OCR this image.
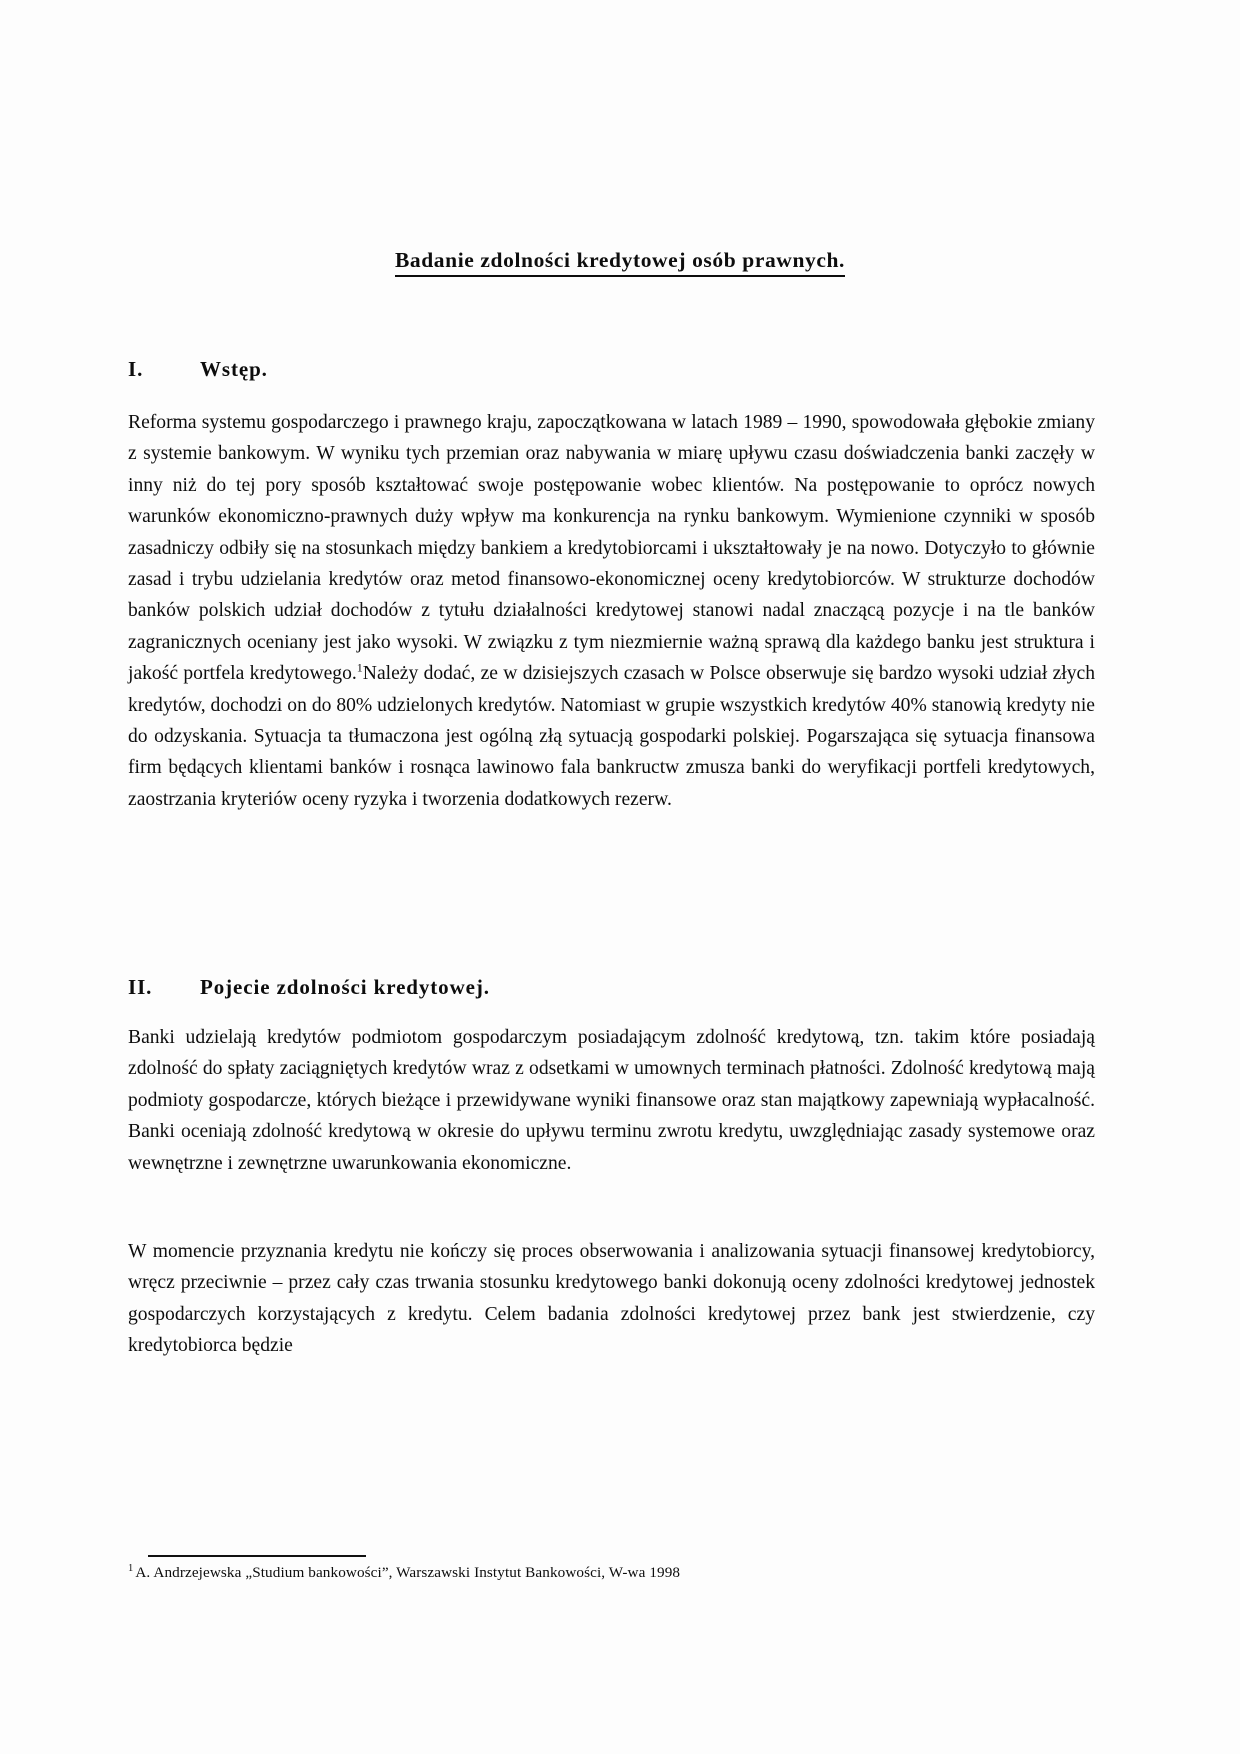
Badanie zdolności kredytowej osób prawnych.
I.	Wstęp.
Reforma systemu gospodarczego i prawnego kraju, zapoczątkowana w latach 1989 – 1990, spowodowała głębokie zmiany z systemie bankowym. W wyniku tych przemian oraz nabywania w miarę upływu czasu doświadczenia banki zaczęły w inny niż do tej pory sposób kształtować swoje postępowanie wobec klientów. Na postępowanie to oprócz nowych warunków ekonomiczno-prawnych duży wpływ ma konkurencja na rynku bankowym. Wymienione czynniki w sposób zasadniczy odbiły się na stosunkach między bankiem a kredytobiorcami i ukształtowały je na nowo. Dotyczyło to głównie zasad i trybu udzielania kredytów oraz metod finansowo-ekonomicznej oceny kredytobiorców. W strukturze dochodów banków polskich udział dochodów z tytułu działalności kredytowej stanowi nadal znaczącą pozycje i na tle banków zagranicznych oceniany jest jako wysoki. W związku z tym niezmiernie ważną sprawą dla każdego banku jest struktura i jakość portfela kredytowego.$^1$Należy dodać, ze w dzisiejszych czasach w Polsce obserwuje się bardzo wysoki udział złych kredytów, dochodzi on do 80% udzielonych kredytów. Natomiast w grupie wszystkich kredytów 40% stanowią kredyty nie do odzyskania. Sytuacja ta tłumaczona jest ogólną złą sytuacją gospodarki polskiej. Pogarszająca się sytuacja finansowa firm będących klientami banków i rosnąca lawinowo fala bankructw zmusza banki do weryfikacji portfeli kredytowych, zaostrzania kryteriów oceny ryzyka i tworzenia dodatkowych rezerw.
II. Pojecie zdolności kredytowej.
Banki udzielają kredytów podmiotom gospodarczym posiadającym zdolność kredytową, tzn. takim które posiadają zdolność do spłaty zaciągniętych kredytów wraz z odsetkami w umownych terminach płatności. Zdolność kredytową mają podmioty gospodarcze, których bieżące i przewidywane wyniki finansowe oraz stan majątkowy zapewniają wypłacalność. Banki oceniają zdolność kredytową w okresie do upływu terminu zwrotu kredytu, uwzględniając zasady systemowe oraz wewnętrzne i zewnętrzne uwarunkowania ekonomiczne.
W momencie przyznania kredytu nie kończy się proces obserwowania i analizowania sytuacji finansowej kredytobiorcy, wręcz przeciwnie – przez cały czas trwania stosunku kredytowego banki dokonują oceny zdolności kredytowej jednostek gospodarczych korzystających z kredytu. Celem badania zdolności kredytowej przez bank jest stwierdzenie, czy kredytobiorca będzie
$^1$ A. Andrzejewska „Studium bankowości”, Warszawski Instytut Bankowości, W-wa 1998
